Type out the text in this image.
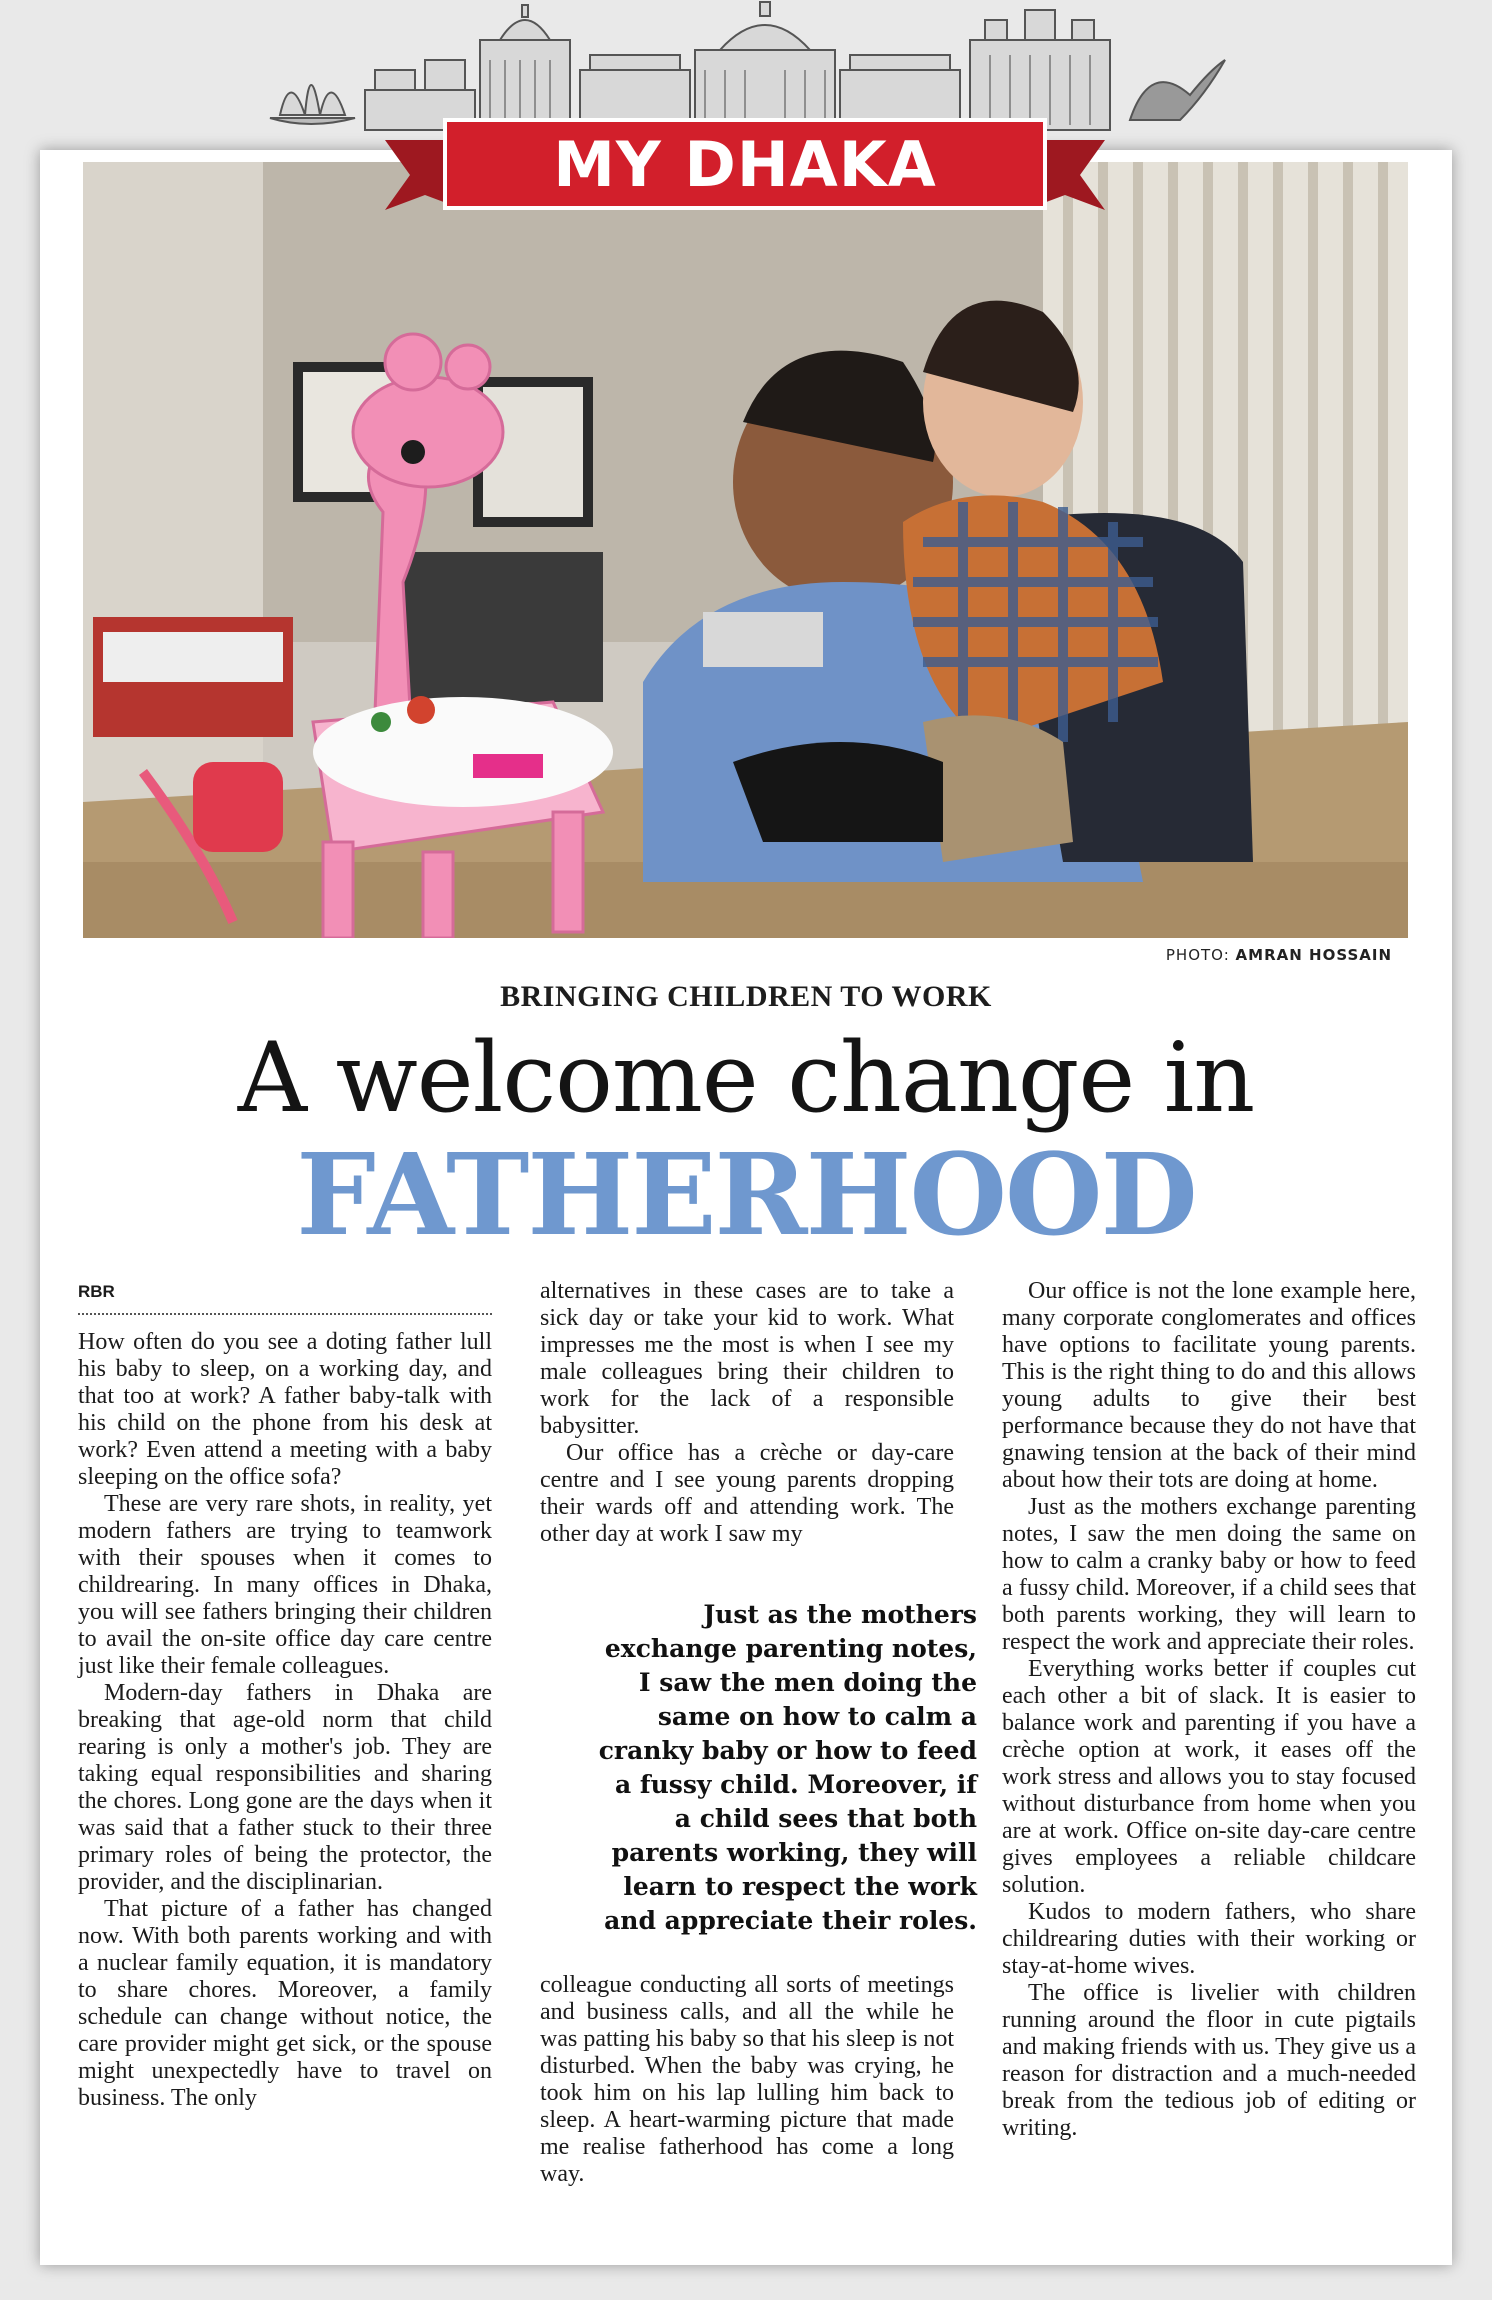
MY DHAKA
PHOTO: AMRAN HOSSAIN
BRINGING CHILDREN TO WORK
A welcome change in
FATHERHOOD
RBR

How often do you see a doting father lull his baby to sleep, on a working day, and that too at work? A father baby-talk with his child on the phone from his desk at work? Even attend a meeting with a baby sleeping on the office sofa?

These are very rare shots, in reality, yet modern fathers are trying to teamwork with their spouses when it comes to childrearing. In many offices in Dhaka, you will see fathers bringing their children to avail the on-site office day care centre just like their female colleagues.

Modern-day fathers in Dhaka are breaking that age-old norm that child rearing is only a mother's job. They are taking equal responsibilities and sharing the chores. Long gone are the days when it was said that a father stuck to their three primary roles of being the protector, the provider, and the disciplinarian.

That picture of a father has changed now. With both parents working and with a nuclear family equation, it is mandatory to share chores. Moreover, a family schedule can change without notice, the care provider might get sick, or the spouse might unexpectedly have to travel on business. The only

alternatives in these cases are to take a sick day or take your kid to work. What impresses me the most is when I see my male colleagues bring their children to work for the lack of a responsible babysitter.

Our office has a crèche or day-care centre and I see young parents dropping their wards off and attending work. The other day at work I saw my

Just as the mothers exchange parenting notes, I saw the men doing the same on how to calm a cranky baby or how to feed a fussy child. Moreover, if a child sees that both parents working, they will learn to respect the work and appreciate their roles.

colleague conducting all sorts of meetings and business calls, and all the while he was patting his baby so that his sleep is not disturbed. When the baby was crying, he took him on his lap lulling him back to sleep. A heart-warming picture that made me realise fatherhood has come a long way.

Our office is not the lone example here, many corporate conglomerates and offices have options to facilitate young parents. This is the right thing to do and this allows young adults to give their best performance because they do not have that gnawing tension at the back of their mind about how their tots are doing at home.

Just as the mothers exchange parenting notes, I saw the men doing the same on how to calm a cranky baby or how to feed a fussy child. Moreover, if a child sees that both parents working, they will learn to respect the work and appreciate their roles.

Everything works better if couples cut each other a bit of slack. It is easier to balance work and parenting if you have a crèche option at work, it eases off the work stress and allows you to stay focused without disturbance from home when you are at work. Office on-site day-care centre gives employees a reliable childcare solution.

Kudos to modern fathers, who share childrearing duties with their working or stay-at-home wives.

The office is livelier with children running around the floor in cute pigtails and making friends with us. They give us a reason for distraction and a much-needed break from the tedious job of editing or writing.
